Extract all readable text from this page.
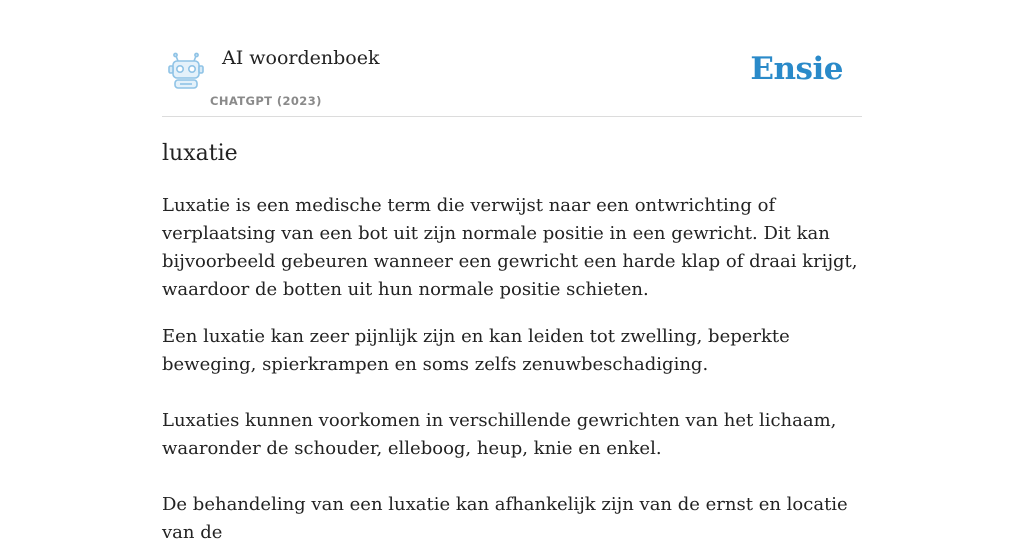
AI woordenboek
CHATGPT (2023)
Ensie
luxatie

Luxatie is een medische term die verwijst naar een ontwrichting of verplaatsing van een bot uit zijn normale positie in een gewricht. Dit kan bijvoorbeeld gebeuren wanneer een gewricht een harde klap of draai krijgt, waardoor de botten uit hun normale positie schieten.

Een luxatie kan zeer pijnlijk zijn en kan leiden tot zwelling, beperkte beweging, spierkrampen en soms zelfs zenuwbeschadiging.

Luxaties kunnen voorkomen in verschillende gewrichten van het lichaam, waaronder de schouder, elleboog, heup, knie en enkel.

De behandeling van een luxatie kan afhankelijk zijn van de ernst en locatie van de
